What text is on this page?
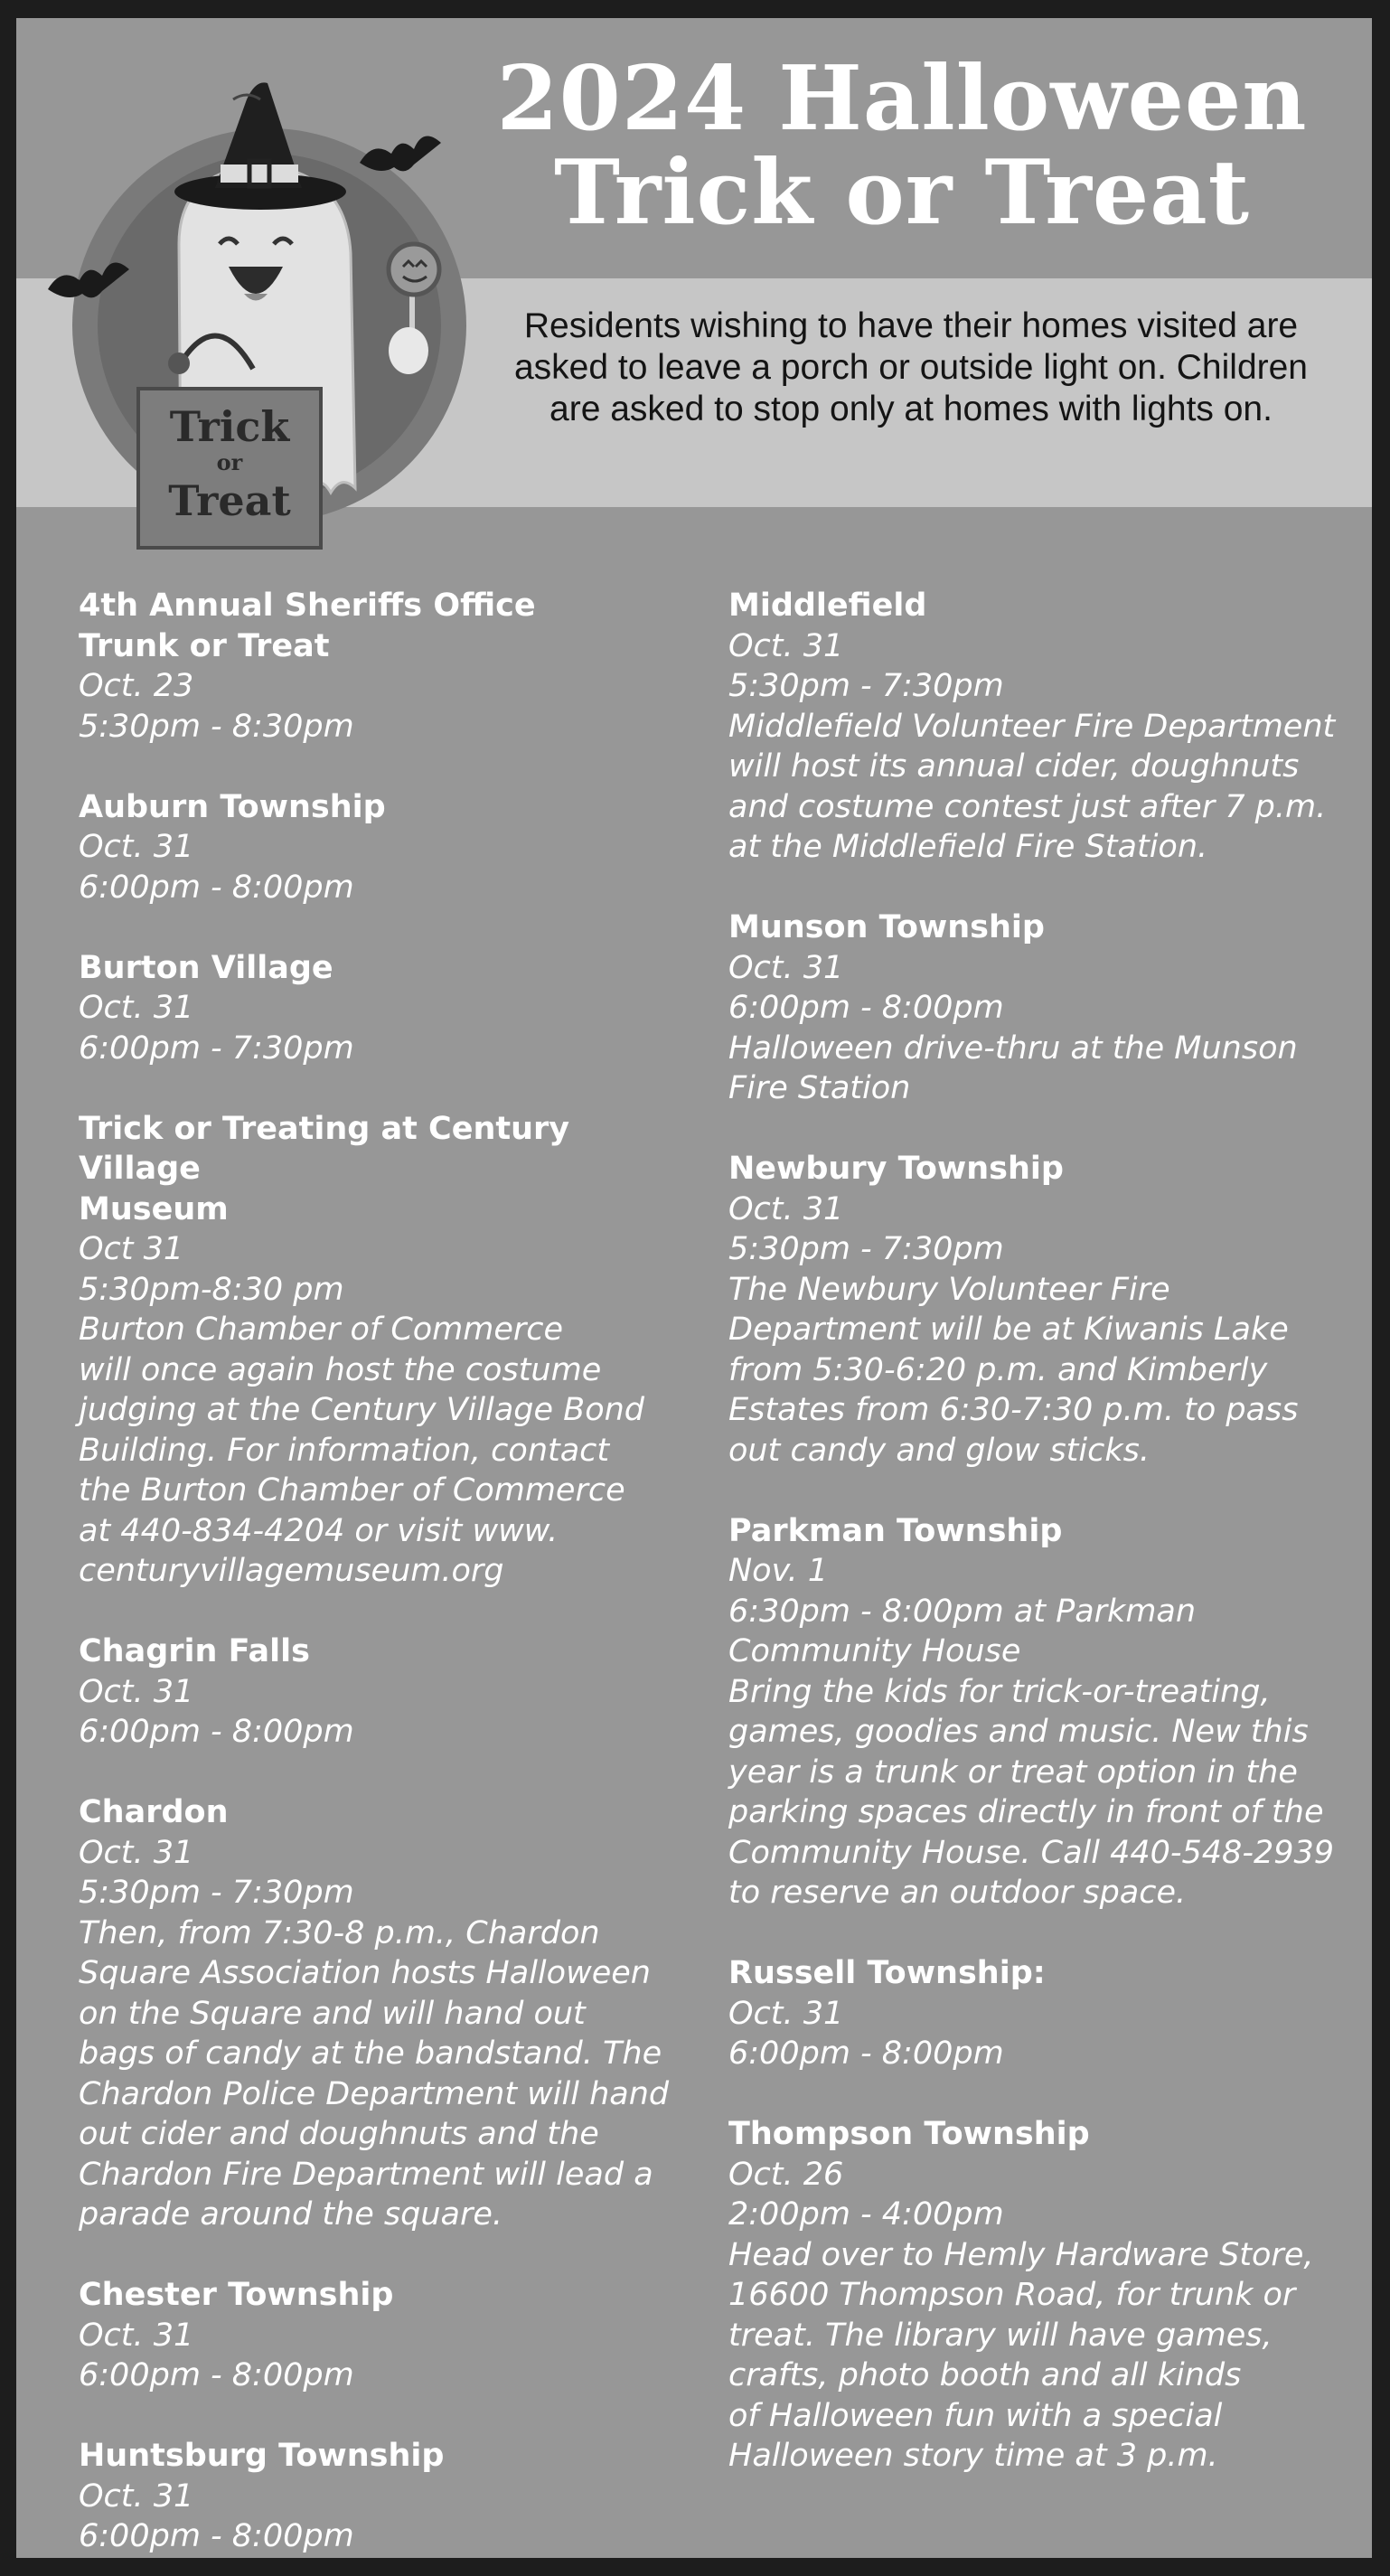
Trick
or
Treat
2024 Halloween
Trick or Treat
Residents wishing to have their homes visited are asked to leave a porch or outside light on. Children are asked to stop only at homes with lights on.
4th Annual Sheriffs Office
Trunk or Treat
Oct. 23
5:30pm - 8:30pm
Auburn Township
Oct. 31
6:00pm - 8:00pm
Burton Village
Oct. 31
6:00pm - 7:30pm
Trick or Treating at Century Village
Museum
Oct 31
5:30pm-8:30 pm
Burton Chamber of Commerce
will once again host the costume
judging at the Century Village Bond
Building. For information, contact
the Burton Chamber of Commerce
at 440-834-4204 or visit www.
centuryvillagemuseum.org
Chagrin Falls
Oct. 31
6:00pm - 8:00pm
Chardon
Oct. 31
5:30pm - 7:30pm
Then, from 7:30-8 p.m., Chardon
Square Association hosts Halloween
on the Square and will hand out
bags of candy at the bandstand. The
Chardon Police Department will hand
out cider and doughnuts and the
Chardon Fire Department will lead a
parade around the square.
Chester Township
Oct. 31
6:00pm - 8:00pm
Huntsburg Township
Oct. 31
6:00pm - 8:00pm
Middlefield
Oct. 31
5:30pm - 7:30pm
Middlefield Volunteer Fire Department
will host its annual cider, doughnuts
and costume contest just after 7 p.m.
at the Middlefield Fire Station.
Munson Township
Oct. 31
6:00pm - 8:00pm
Halloween drive-thru at the Munson
Fire Station
Newbury Township
Oct. 31
5:30pm - 7:30pm
The Newbury Volunteer Fire
Department will be at Kiwanis Lake
from 5:30-6:20 p.m. and Kimberly
Estates from 6:30-7:30 p.m. to pass
out candy and glow sticks.
Parkman Township
Nov. 1
6:30pm - 8:00pm at Parkman
Community House
Bring the kids for trick-or-treating,
games, goodies and music. New this
year is a trunk or treat option in the
parking spaces directly in front of the
Community House. Call 440-548-2939
to reserve an outdoor space.
Russell Township:
Oct. 31
6:00pm - 8:00pm
Thompson Township
Oct. 26
2:00pm - 4:00pm
Head over to Hemly Hardware Store,
16600 Thompson Road, for trunk or
treat. The library will have games,
crafts, photo booth and all kinds
of Halloween fun with a special
Halloween story time at 3 p.m.
